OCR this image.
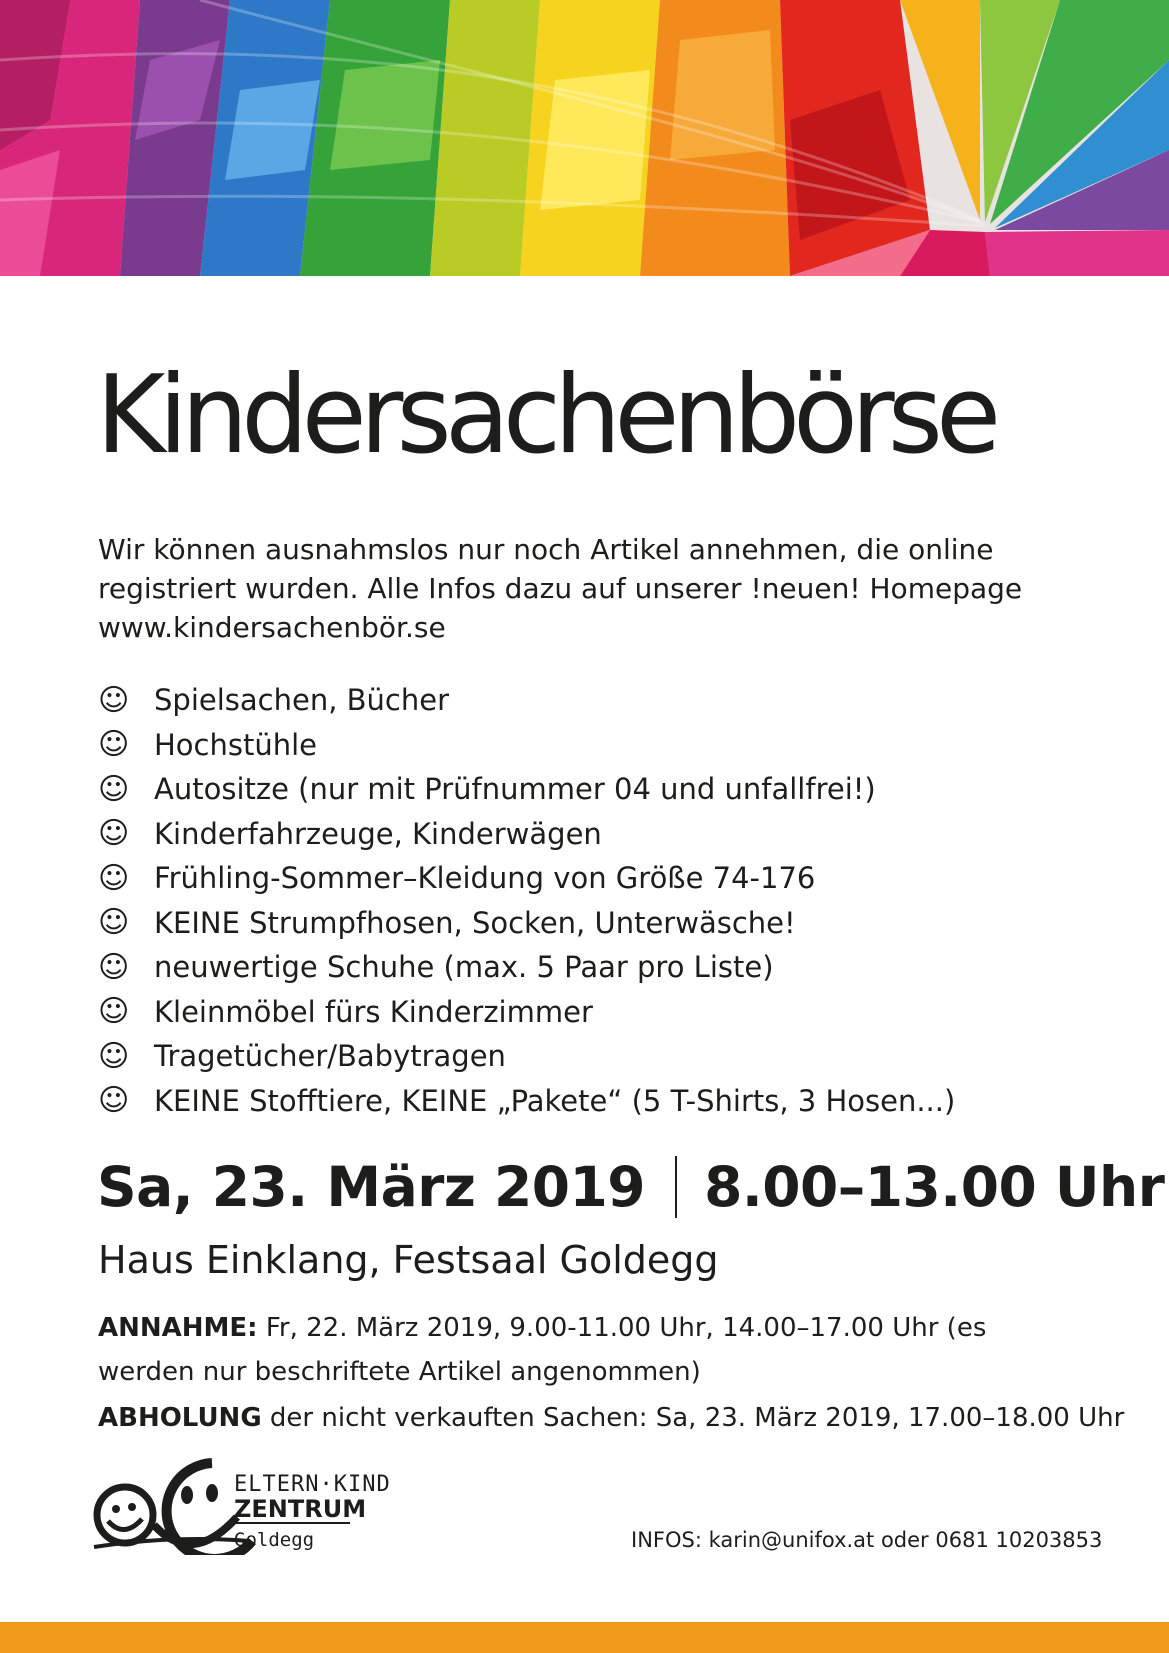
Kindersachenbörse

Wir können ausnahmslos nur noch Artikel annehmen, die online
registriert wurden. Alle Infos dazu auf unserer !neuen! Homepage
www.kindersachenbör.se

☺ Spielsachen, Bücher
☺ Hochstühle
☺ Autositze (nur mit Prüfnummer 04 und unfallfrei!)
☺ Kinderfahrzeuge, Kinderwägen
☺ Frühling-Sommer–Kleidung von Größe 74-176
☺ KEINE Strumpfhosen, Socken, Unterwäsche!
☺ neuwertige Schuhe (max. 5 Paar pro Liste)
☺ Kleinmöbel fürs Kinderzimmer
☺ Tragetücher/Babytragen
☺ KEINE Stofftiere, KEINE „Pakete“ (5 T-Shirts, 3 Hosen...)
Sa, 23. März 2019 8.00–13.00 Uhr

Haus Einklang, Festsaal Goldegg

ANNAHME: Fr, 22. März 2019, 9.00-11.00 Uhr, 14.00–17.00 Uhr (es werden nur beschriftete Artikel angenommen)

ABHOLUNG der nicht verkauften Sachen: Sa, 23. März 2019, 17.00–18.00 Uhr

ELTERN·KIND
ZENTRUM
Goldegg	INFOS: karin@unifox.at oder 0681 10203853
